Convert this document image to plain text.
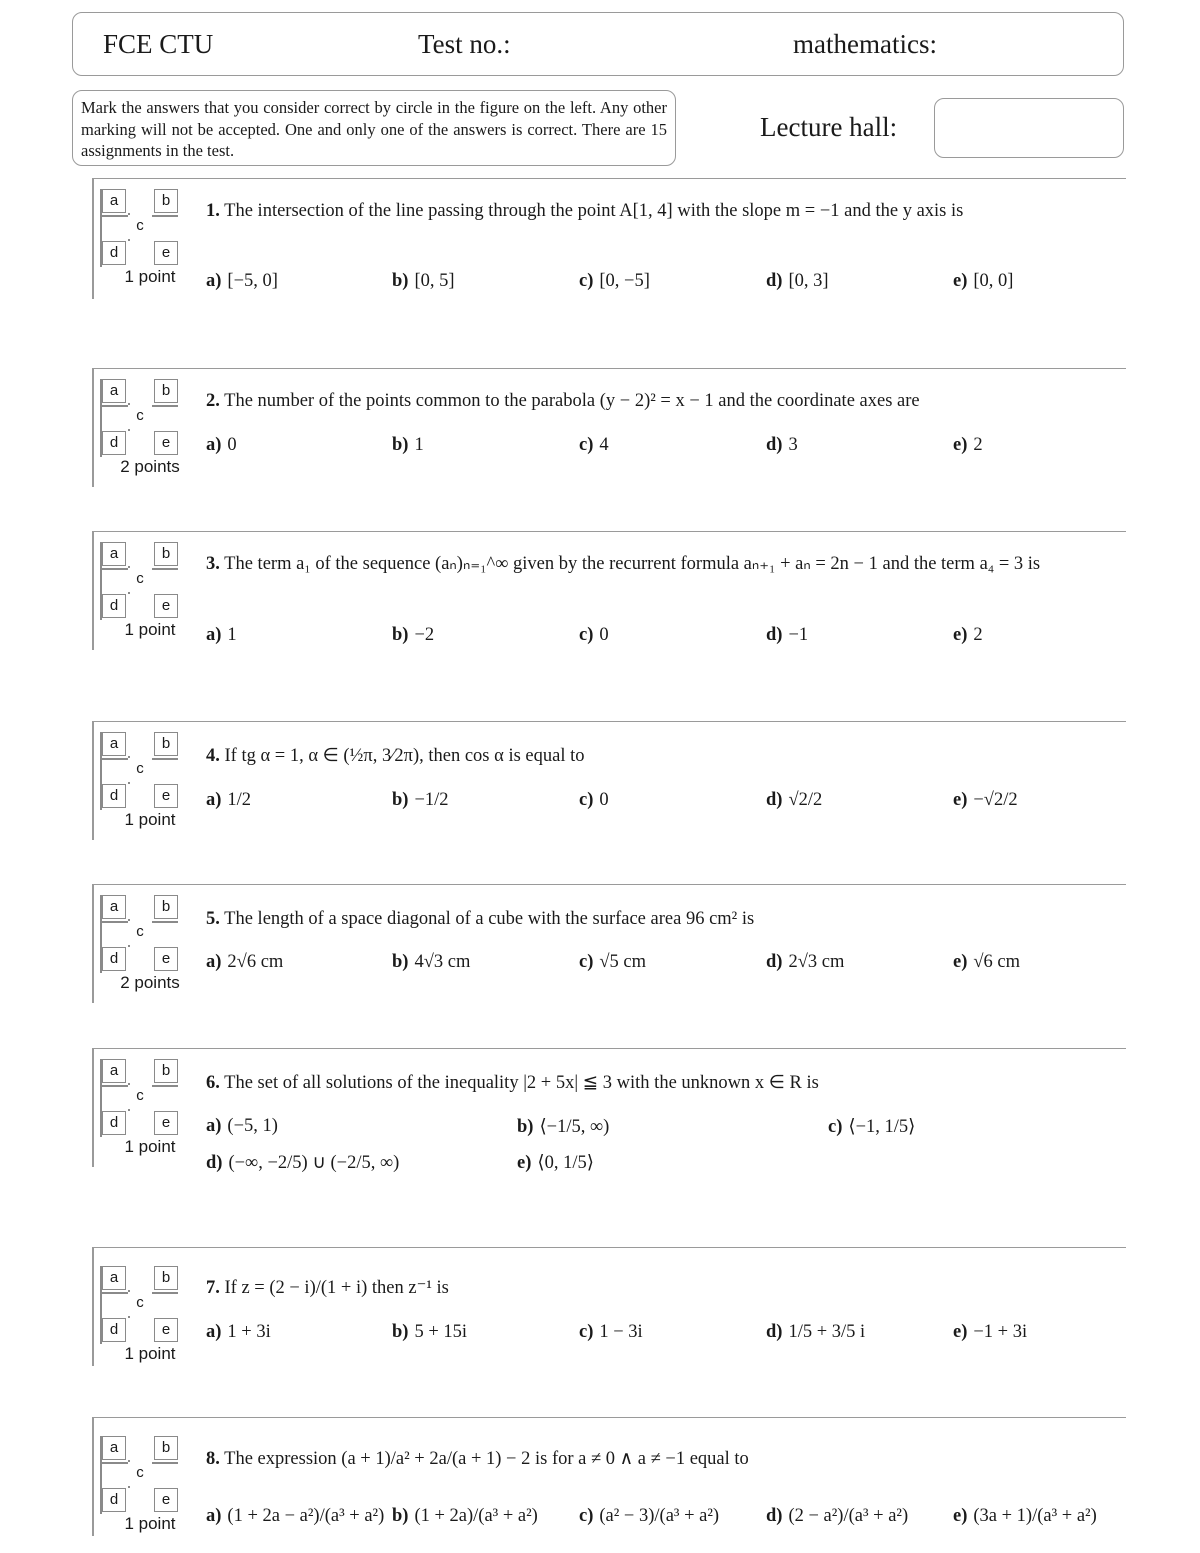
FCE CTU	Test no.:	mathematics:
Mark the answers that you consider correct by circle in the figure on the left. Any other marking will not be accepted. One and only one of the answers is correct. There are 15 assignments in the test.
Lecture hall:
a	b
c
d	e
1 point
1. The intersection of the line passing through the point A[1, 4] with the slope m = −1 and the y axis is
a) [−5, 0]	b) [0, 5]	c) [0, −5]	d) [0, 3]	e) [0, 0]
a	b
c
d	e
2 points
2. The number of the points common to the parabola (y − 2)² = x − 1 and the coordinate axes are
a) 0	b) 1	c) 4	d) 3	e) 2
a	b
c
d	e
1 point
3. The term a₁ of the sequence (aₙ)ₙ₌₁^∞ given by the recurrent formula aₙ₊₁ + aₙ = 2n − 1 and the term a₄ = 3 is
a) 1	b) −2	c) 0	d) −1	e) 2
a	b
c
d	e
1 point
4. If tg α = 1, α ∈ (½π, 3⁄2π), then cos α is equal to
a) 1/2	b) −1/2	c) 0	d) √2/2	e) −√2/2
a	b
c
d	e
2 points
5. The length of a space diagonal of a cube with the surface area 96 cm² is
a) 2√6 cm	b) 4√3 cm	c) √5 cm	d) 2√3 cm	e) √6 cm
a	b
c
d	e
1 point
6. The set of all solutions of the inequality |2 + 5x| ≦ 3 with the unknown x ∈ R is
a) (−5, 1)	b) ⟨−1/5, ∞)	c) ⟨−1, 1/5⟩
d) (−∞, −2/5) ∪ (−2/5, ∞)	e) ⟨0, 1/5⟩
a	b
c
d	e
1 point
7. If z = (2 − i)/(1 + i) then z⁻¹ is
a) 1 + 3i	b) 5 + 15i	c) 1 − 3i	d) 1/5 + 3/5 i	e) −1 + 3i
a	b
c
d	e
1 point
8. The expression (a + 1)/a² + 2a/(a + 1) − 2 is for a ≠ 0 ∧ a ≠ −1 equal to
a) (1 + 2a − a²)/(a³ + a²) b) (1 + 2a)/(a³ + a²) c) (a² − 3)/(a³ + a²)	d) (2 − a²)/(a³ + a²) e) (3a + 1)/(a³ + a²)
